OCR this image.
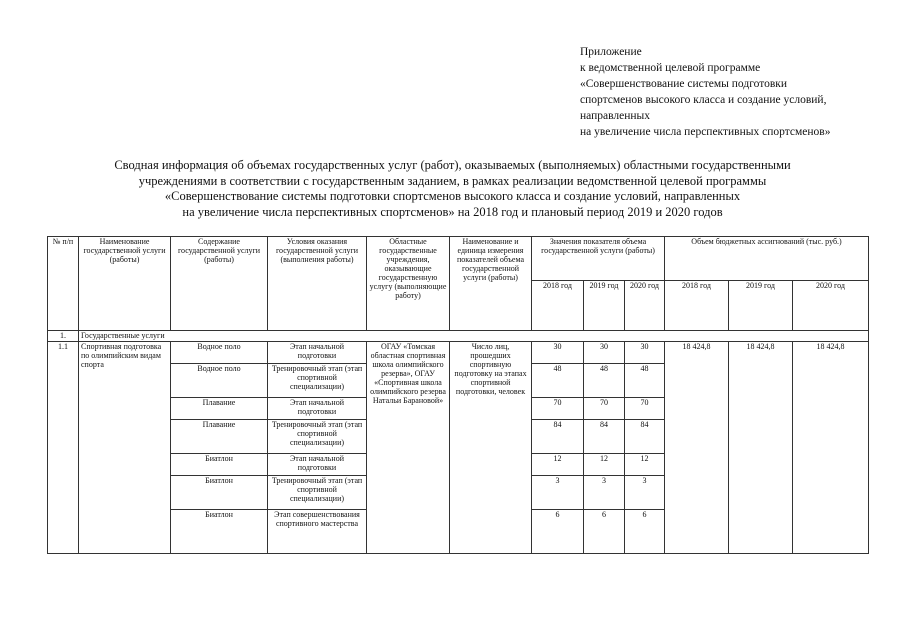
Приложение
к ведомственной целевой программе
«Совершенствование системы подготовки
спортсменов высокого класса и создание условий,
направленных
на увеличение числа перспективных спортсменов»
Сводная информация об объемах государственных услуг (работ), оказываемых (выполняемых) областными государственными
учреждениями в соответствии с государственным заданием, в рамках реализации ведомственной целевой программы
«Совершенствование системы подготовки спортсменов высокого класса и создание условий, направленных
на увеличение числа перспективных спортсменов» на 2018 год и плановый период 2019 и 2020 годов
№ п/п	Наименование государственной услуги (работы)	Содержание государственной услуги (работы)	Условия оказания государственной услуги (выполнения работы)	Областные государственные учреждения, оказывающие государственную услугу (выполняющие работу)	Наименование и единица измерения показателей объема государственной услуги (работы)	Значения показателя объема государственной услуги (работы)			Объем бюджетных ассигнований (тыс. руб.)		
						2018 год	2019 год	2020 год	2018 год	2019 год	2020 год
1.	Государственные услуги										
1.1	Спортивная подготовка по олимпийским видам спорта	Водное поло	Этап начальной подготовки	ОГАУ «Томская областная спортивная школа олимпийского резерва», ОГАУ «Спортивная школа олимпийского резерва Натальи Барановой»	Число лиц, прошедших спортивную подготовку на этапах спортивной подготовки, человек	30	30	30	18 424,8	18 424,8	18 424,8
		Водное поло	Тренировочный этап (этап спортивной специализации)			48	48	48			
		Плавание	Этап начальной подготовки			70	70	70			
		Плавание	Тренировочный этап (этап спортивной специализации)			84	84	84			
		Биатлон	Этап начальной подготовки			12	12	12			
		Биатлон	Тренировочный этап (этап спортивной специализации)			3	3	3			
		Биатлон	Этап совершенствования спортивного мастерства			6	6	6			
